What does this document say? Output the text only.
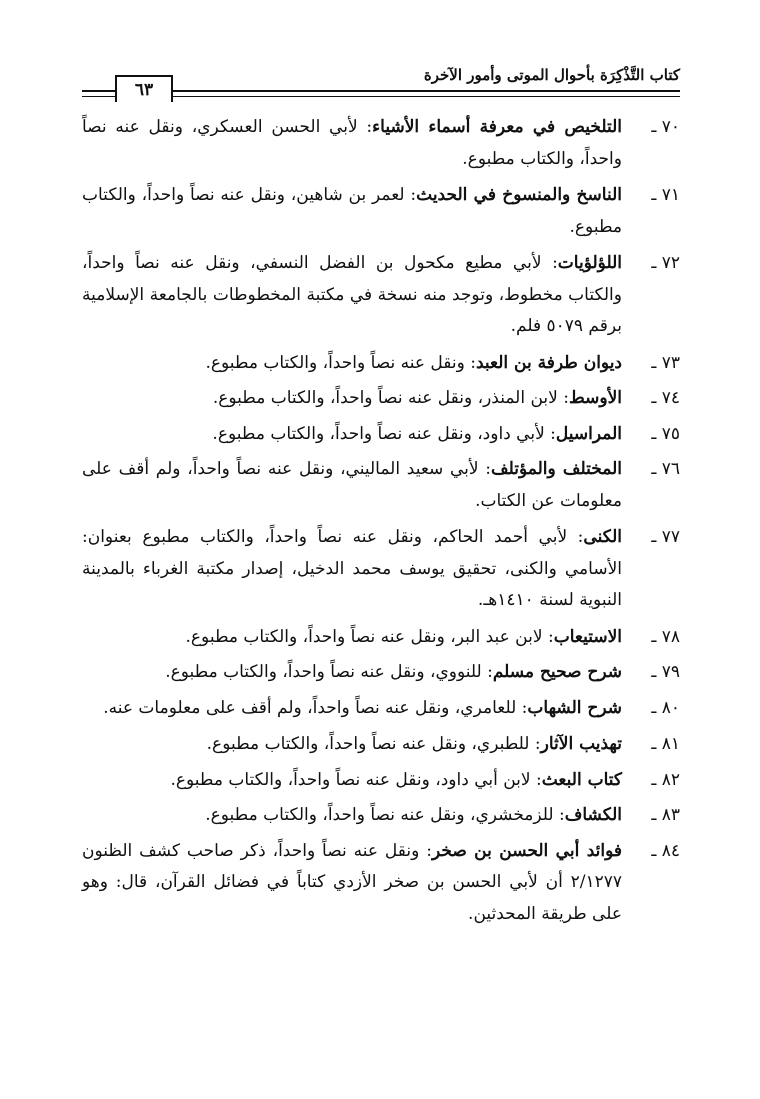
كتاب التَّذْكِرَة بأحوال الموتى وأمور الآخرة
٦٣
٧٠ ـ
التلخيص في معرفة أسماء الأشياء: لأبي الحسن العسكري، ونقل عنه نصاً واحداً، والكتاب مطبوع.
٧١ ـ
الناسخ والمنسوخ في الحديث: لعمر بن شاهين، ونقل عنه نصاً واحداً، والكتاب مطبوع.
٧٢ ـ
اللؤلؤيات: لأبي مطيع مكحول بن الفضل النسفي، ونقل عنه نصاً واحداً، والكتاب مخطوط، وتوجد منه نسخة في مكتبة المخطوطات بالجامعة الإسلامية برقم ٥٠٧٩ فلم.
٧٣ ـ
ديوان طرفة بن العبد: ونقل عنه نصاً واحداً، والكتاب مطبوع.
٧٤ ـ
الأوسط: لابن المنذر، ونقل عنه نصاً واحداً، والكتاب مطبوع.
٧٥ ـ
المراسيل: لأبي داود، ونقل عنه نصاً واحداً، والكتاب مطبوع.
٧٦ ـ
المختلف والمؤتلف: لأبي سعيد الماليني، ونقل عنه نصاً واحداً، ولم أقف على معلومات عن الكتاب.
٧٧ ـ
الكنى: لأبي أحمد الحاكم، ونقل عنه نصاً واحداً، والكتاب مطبوع بعنوان: الأسامي والكنى، تحقيق يوسف محمد الدخيل، إصدار مكتبة الغرباء بالمدينة النبوية لسنة ١٤١٠هـ.
٧٨ ـ
الاستيعاب: لابن عبد البر، ونقل عنه نصاً واحداً، والكتاب مطبوع.
٧٩ ـ
شرح صحيح مسلم: للنووي، ونقل عنه نصاً واحداً، والكتاب مطبوع.
٨٠ ـ
شرح الشهاب: للعامري، ونقل عنه نصاً واحداً، ولم أقف على معلومات عنه.
٨١ ـ
تهذيب الآثار: للطبري، ونقل عنه نصاً واحداً، والكتاب مطبوع.
٨٢ ـ
كتاب البعث: لابن أبي داود، ونقل عنه نصاً واحداً، والكتاب مطبوع.
٨٣ ـ
الكشاف: للزمخشري، ونقل عنه نصاً واحداً، والكتاب مطبوع.
٨٤ ـ
فوائد أبي الحسن بن صخر: ونقل عنه نصاً واحداً، ذكر صاحب كشف الظنون ٢/١٢٧٧ أن لأبي الحسن بن صخر الأزدي كتاباً في فضائل القرآن، قال: وهو على طريقة المحدثين.
